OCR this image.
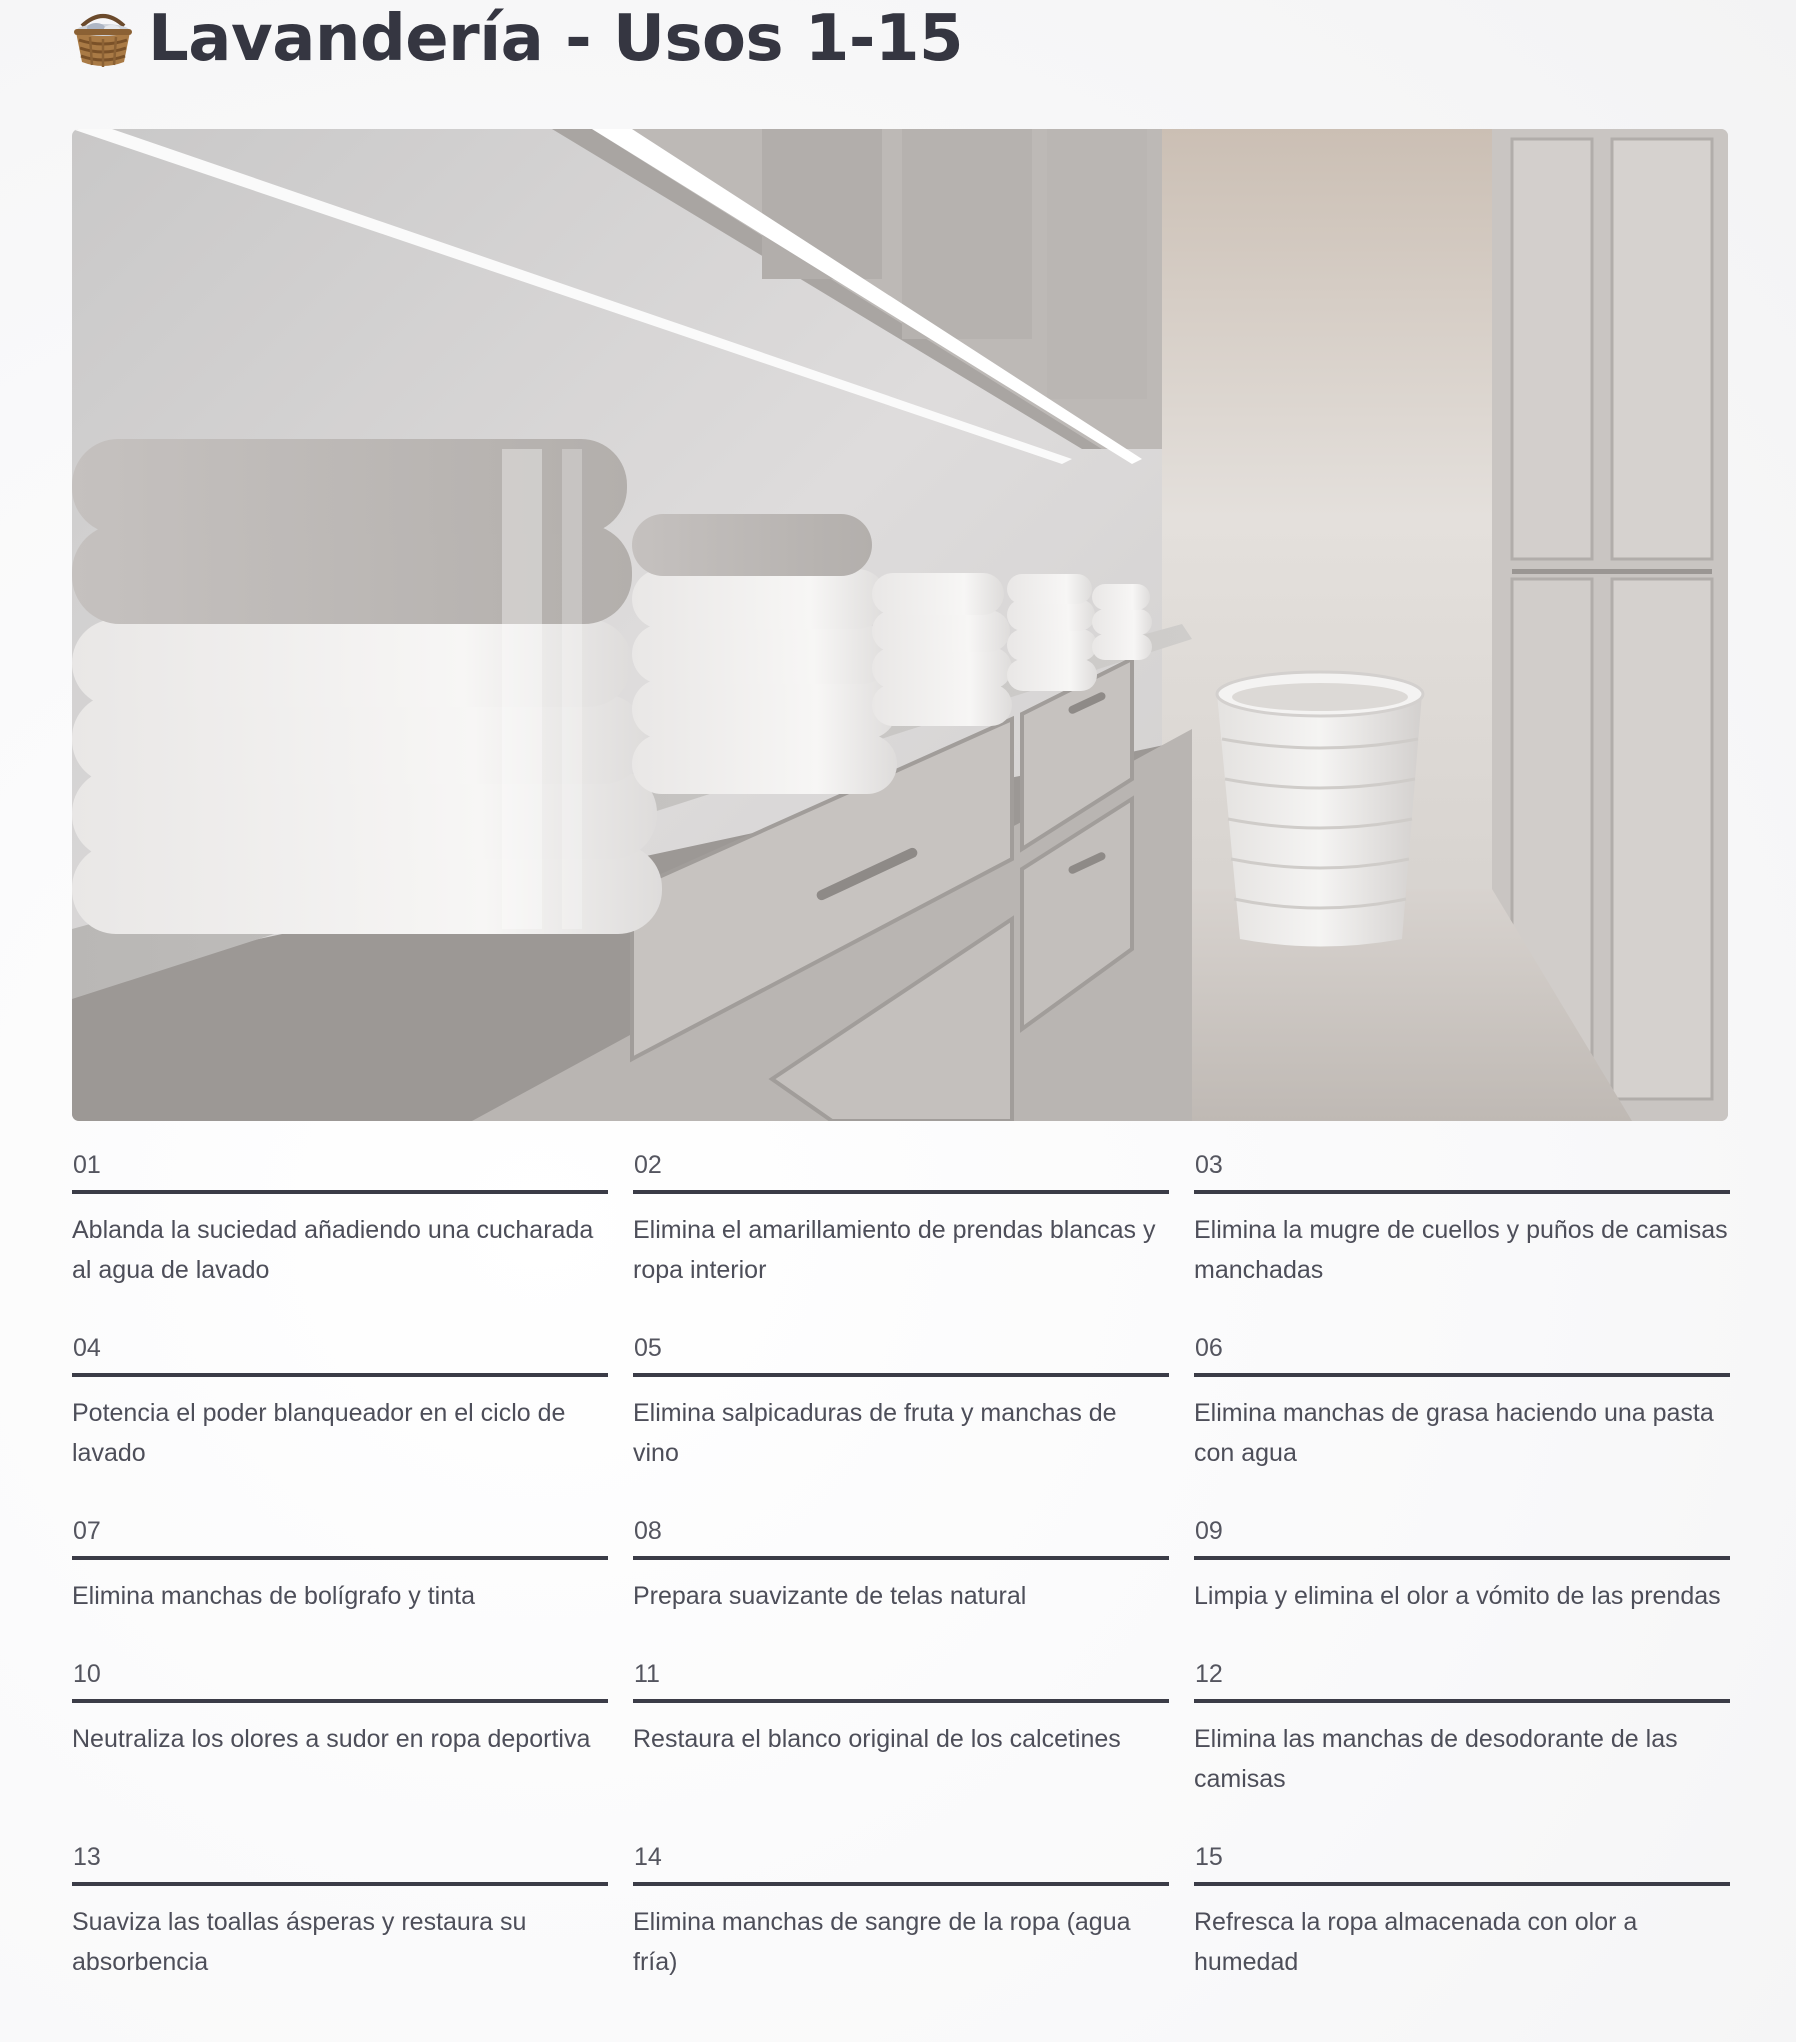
Lavandería - Usos 1-15
01
Ablanda la suciedad añadiendo una cucharada al agua de lavado
02
Elimina el amarillamiento de prendas blancas y ropa interior
03
Elimina la mugre de cuellos y puños de camisas manchadas
04
Potencia el poder blanqueador en el ciclo de lavado
05
Elimina salpicaduras de fruta y manchas de vino
06
Elimina manchas de grasa haciendo una pasta con agua
07
Elimina manchas de bolígrafo y tinta
08
Prepara suavizante de telas natural
09
Limpia y elimina el olor a vómito de las prendas
10
Neutraliza los olores a sudor en ropa deportiva
11
Restaura el blanco original de los calcetines
12
Elimina las manchas de desodorante de las camisas
13
Suaviza las toallas ásperas y restaura su absorbencia
14
Elimina manchas de sangre de la ropa (agua fría)
15
Refresca la ropa almacenada con olor a humedad
